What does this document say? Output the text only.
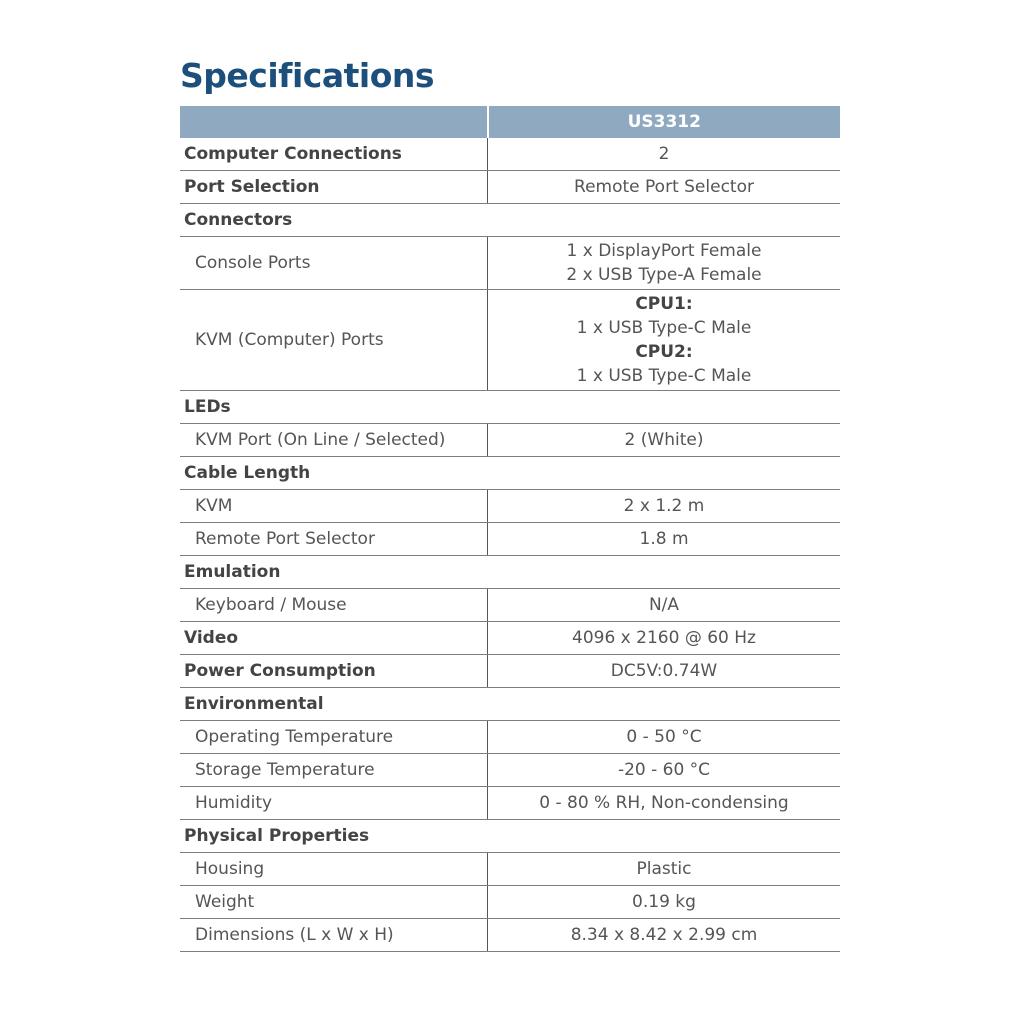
Specifications
	US3312
Computer Connections	2

Port Selection	Remote Port Selector

Connectors	
Console Ports	1 x DisplayPort Female
2 x USB Type-A Female

KVM (Computer) Ports	CPU1:
1 x USB Type-C Male
CPU2:
1 x USB Type-C Male

LEDs	
KVM Port (On Line / Selected)	2 (White)

Cable Length	
KVM	2 x 1.2 m

Remote Port Selector	1.8 m

Emulation	
Keyboard / Mouse	N/A

Video	4096 x 2160 @ 60 Hz

Power Consumption	DC5V:0.74W

Environmental	
Operating Temperature	0 - 50 °C

Storage Temperature	-20 - 60 °C

Humidity	0 - 80 % RH, Non-condensing

Physical Properties	
Housing	Plastic

Weight	0.19 kg

Dimensions (L x W x H)	8.34 x 8.42 x 2.99 cm
